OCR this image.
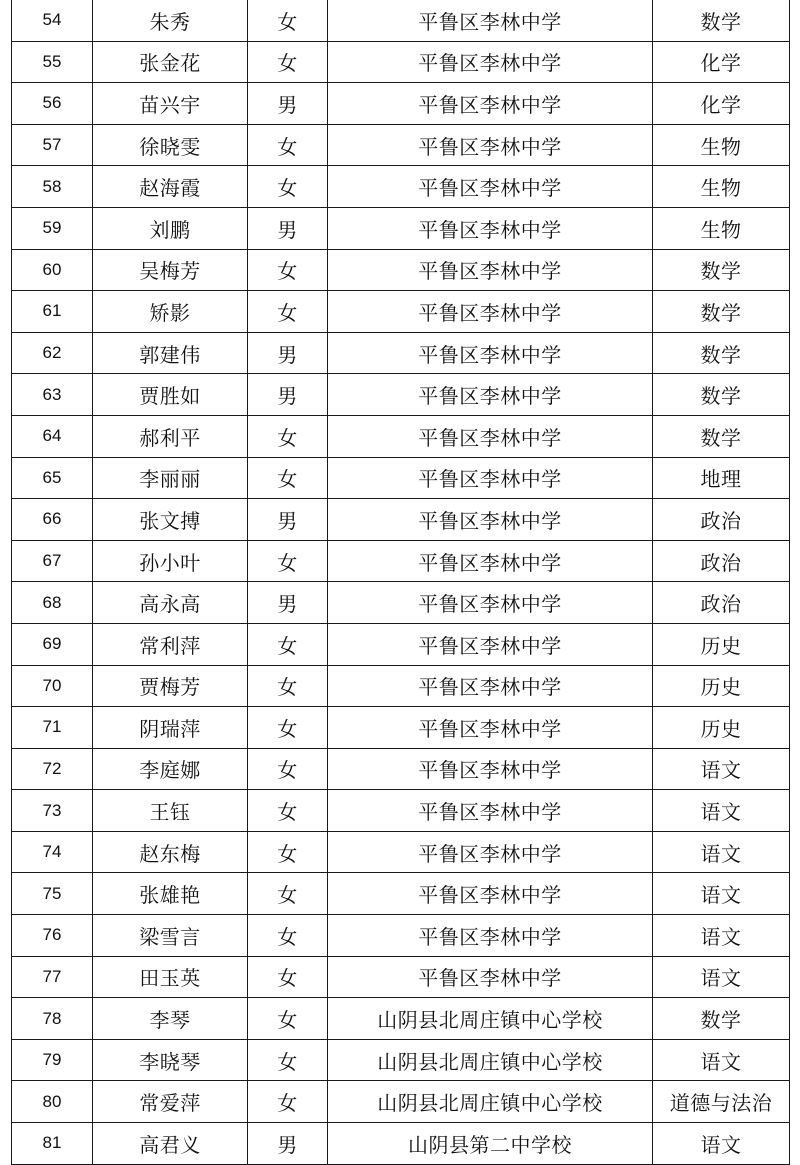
54	朱秀	女	平鲁区李林中学	数学
55	张金花	女	平鲁区李林中学	化学
56	苗兴宇	男	平鲁区李林中学	化学
57	徐晓雯	女	平鲁区李林中学	生物
58	赵海霞	女	平鲁区李林中学	生物
59	刘鹏	男	平鲁区李林中学	生物
60	吴梅芳	女	平鲁区李林中学	数学
61	矫影	女	平鲁区李林中学	数学
62	郭建伟	男	平鲁区李林中学	数学
63	贾胜如	男	平鲁区李林中学	数学
64	郝利平	女	平鲁区李林中学	数学
65	李丽丽	女	平鲁区李林中学	地理
66	张文搏	男	平鲁区李林中学	政治
67	孙小叶	女	平鲁区李林中学	政治
68	高永高	男	平鲁区李林中学	政治
69	常利萍	女	平鲁区李林中学	历史
70	贾梅芳	女	平鲁区李林中学	历史
71	阴瑞萍	女	平鲁区李林中学	历史
72	李庭娜	女	平鲁区李林中学	语文
73	王钰	女	平鲁区李林中学	语文
74	赵东梅	女	平鲁区李林中学	语文
75	张雄艳	女	平鲁区李林中学	语文
76	梁雪言	女	平鲁区李林中学	语文
77	田玉英	女	平鲁区李林中学	语文
78	李琴	女	山阴县北周庄镇中心学校	数学
79	李晓琴	女	山阴县北周庄镇中心学校	语文
80	常爱萍	女	山阴县北周庄镇中心学校	道德与法治
81	高君义	男	山阴县第二中学校	语文
